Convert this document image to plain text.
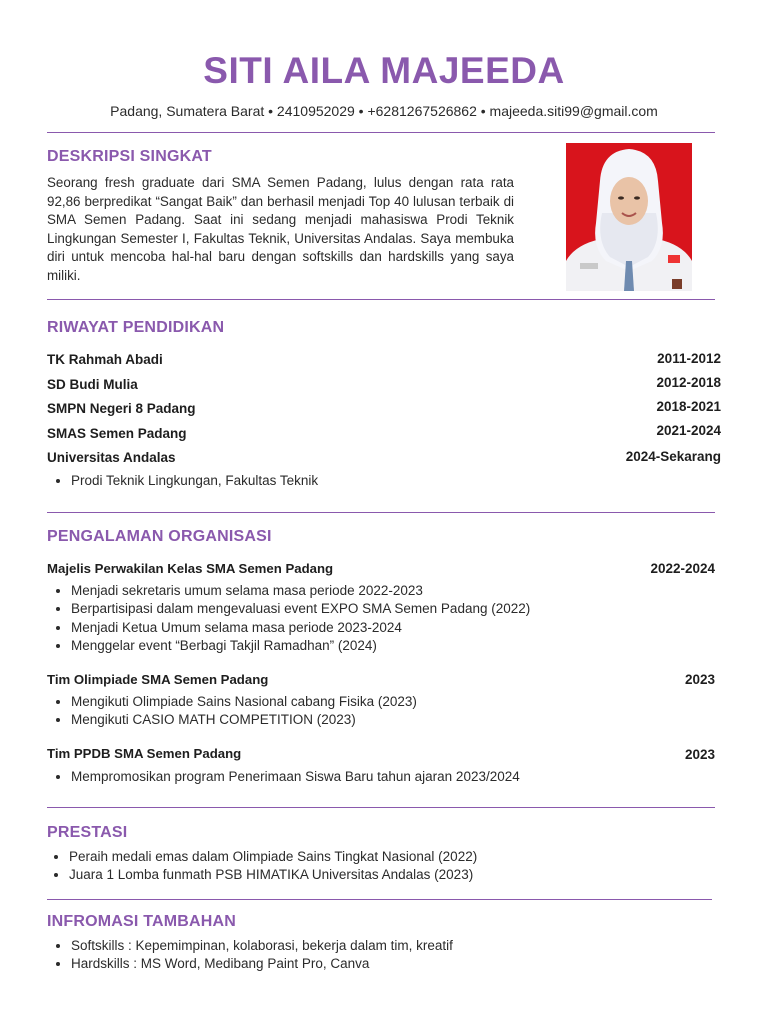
SITI AILA MAJEEDA
Padang, Sumatera Barat • 2410952029 • +6281267526862 • majeeda.siti99@gmail.com
DESKRIPSI SINGKAT
Seorang fresh graduate dari SMA Semen Padang, lulus dengan rata rata 92,86 berpredikat “Sangat Baik” dan berhasil menjadi Top 40 lulusan terbaik di SMA Semen Padang. Saat ini sedang menjadi mahasiswa Prodi Teknik Lingkungan Semester I, Fakultas Teknik, Universitas Andalas. Saya membuka diri untuk mencoba hal-hal baru dengan softskills dan hardskills yang saya miliki.
RIWAYAT PENDIDIKAN
TK Rahmah Abadi	2011-2012
SD Budi Mulia	2012-2018
SMPN Negeri 8 Padang	2018-2021
SMAS Semen Padang	2021-2024
Universitas Andalas	2024-Sekarang
Prodi Teknik Lingkungan, Fakultas Teknik
PENGALAMAN ORGANISASI
Majelis Perwakilan Kelas SMA Semen Padang	2022-2024
Menjadi sekretaris umum selama masa periode 2022-2023
Berpartisipasi dalam mengevaluasi event EXPO SMA Semen Padang (2022)
Menjadi Ketua Umum selama masa periode 2023-2024
Menggelar event “Berbagi Takjil Ramadhan” (2024)
Tim Olimpiade SMA Semen Padang	2023
Mengikuti Olimpiade Sains Nasional cabang Fisika (2023)
Mengikuti CASIO MATH COMPETITION (2023)
Tim PPDB SMA Semen Padang	2023
Mempromosikan program Penerimaan Siswa Baru tahun ajaran 2023/2024
PRESTASI
Peraih medali emas dalam Olimpiade Sains Tingkat Nasional (2022)
Juara 1 Lomba funmath PSB HIMATIKA Universitas Andalas (2023)
INFROMASI TAMBAHAN
Softskills : Kepemimpinan, kolaborasi, bekerja dalam tim, kreatif
Hardskills : MS Word, Medibang Paint Pro, Canva
